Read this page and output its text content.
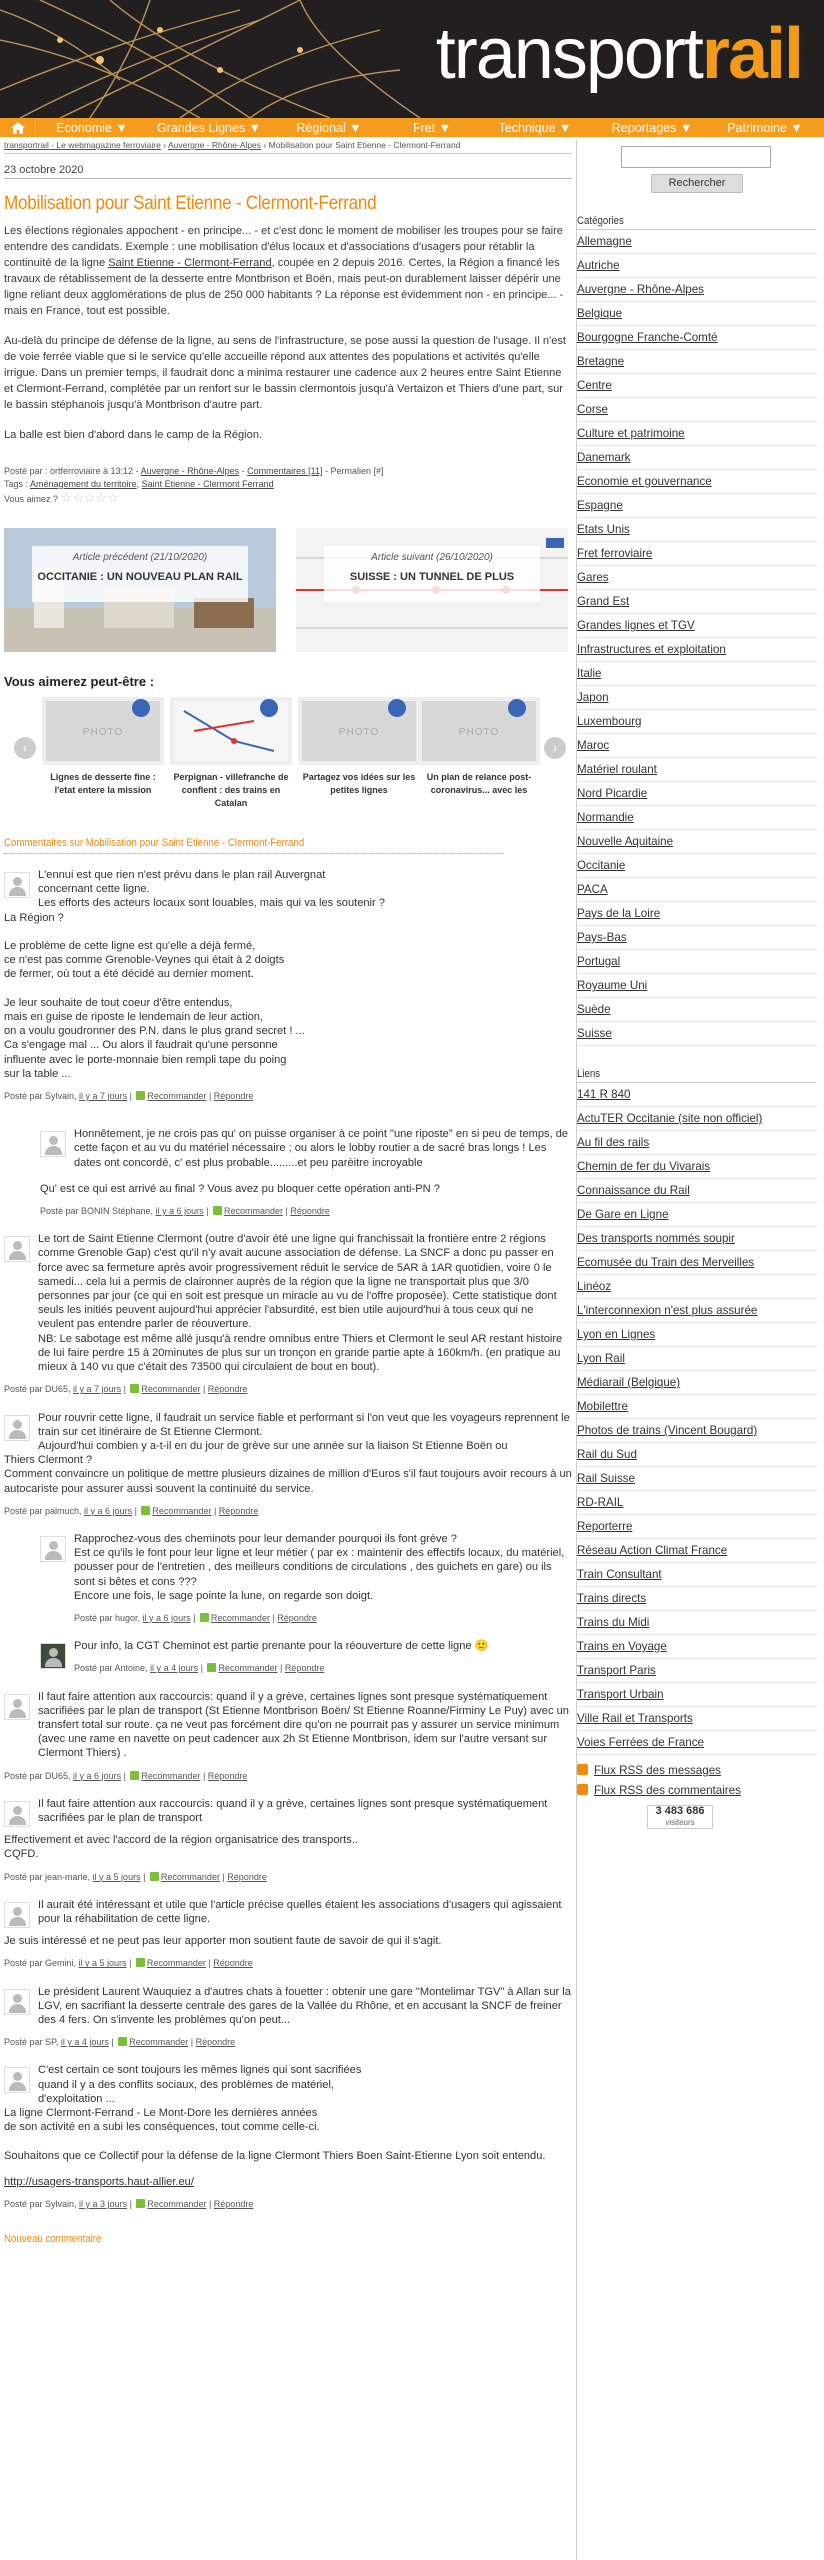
transportrail
Economie ▼	Grandes Lignes ▼	Régional ▼	Fret ▼	Technique ▼	Reportages ▼	Patrimoine ▼
transportrail - Le webmagazine ferroviaire › Auvergne - Rhône-Alpes › Mobilisation pour Saint Etienne - Clermont-Ferrand
23 octobre 2020
Mobilisation pour Saint Etienne - Clermont-Ferrand

Les élections régionales appochent - en principe... - et c'est donc le moment de mobiliser les troupes pour se faire entendre des candidats. Exemple : une mobilisation d'élus locaux et d'associations d'usagers pour rétablir la continuité de la ligne Saint Etienne - Clermont-Ferrand, coupée en 2 depuis 2016. Certes, la Région a financé les travaux de rétablissement de la desserte entre Montbrison et Boën, mais peut-on durablement laisser dépérir une ligne reliant deux agglomérations de plus de 250 000 habitants ? La réponse est évidemment non - en principe... - mais en France, tout est possible.

Au-delà du principe de défense de la ligne, au sens de l'infrastructure, se pose aussi la question de l'usage. Il n'est de voie ferrée viable que si le service qu'elle accueille répond aux attentes des populations et activités qu'elle irrigue. Dans un premier temps, il faudrait donc a minima restaurer une cadence aux 2 heures entre Saint Etienne et Clermont-Ferrand, complétée par un renfort sur le bassin clermontois jusqu'à Vertaizon et Thiers d'une part, sur le bassin stéphanois jusqu'à Montbrison d'autre part.

La balle est bien d'abord dans le camp de la Région.

Posté par : ortferroviaire à 13:12 - Auvergne - Rhône-Alpes - Commentaires [11] - Permalien [#]
Tags : Aménagement du territoire, Saint Etienne - Clermont Ferrand
Vous aimez ? ☆☆☆☆☆
Article précédent (21/10/2020)
OCCITANIE : UN NOUVEAU PLAN RAIL
Article suivant (26/10/2020)
SUISSE : UN TUNNEL DE PLUS
Vous aimerez peut-être :
‹
PHOTO
Lignes de desserte fine : l'etat entere la mission
Perpignan - villefranche de conflent : des trains en Catalan
PHOTO
Partagez vos idées sur les petites lignes
PHOTO
Un plan de relance post-coronavirus... avec les
›
Commentaires sur Mobilisation pour Saint Etienne - Clermont-Ferrand
L'ennui est que rien n'est prévu dans le plan rail Auvergnat
concernant cette ligne.
Les efforts des acteurs locaux sont louables, mais qui va les soutenir ?
La Région ?

Le problème de cette ligne est qu'elle a déjà fermé,
ce n'est pas comme Grenoble-Veynes qui était à 2 doigts
de fermer, où tout a été décidé au dernier moment.

Je leur souhaite de tout coeur d'être entendus,
mais en guise de riposte le lendemain de leur action,
on a voulu goudronner des P.N. dans le plus grand secret ! ...
Ca s'engage mal ... Ou alors il faudrait qu'une personne
influente avec le porte-monnaie bien rempli tape du poing
sur la table ...
Posté par Sylvain, il y a 7 jours | Recommander | Répondre
Honnêtement, je ne crois pas qu' on puisse organiser à ce point "une riposte" en si peu de temps, de cette façon et au vu du matériel nécessaire ; ou alors le lobby routier a de sacré bras longs ! Les dates ont concordé, c' est plus probable.........et peu parèitre incroyable
Qu' est ce qui est arrivé au final ? Vous avez pu bloquer cette opération anti-PN ?
Posté par BONIN Stéphane, il y a 6 jours | Recommander | Répondre
Le tort de Saint Etienne Clermont (outre d'avoir été une ligne qui franchissait la frontière entre 2 régions comme Grenoble Gap) c'est qu'il n'y avait aucune association de défense. La SNCF a donc pu passer en force avec sa fermeture après avoir progressivement réduit le service de 5AR à 1AR quotidien, voire 0 le samedi... cela lui a permis de claironner auprès de la région que la ligne ne transportait plus que 3/0 personnes par jour (ce qui en soit est presque un miracle au vu de l'offre proposée). Cette statistique dont seuls les initiés peuvent aujourd'hui apprécier l'absurdité, est bien utile aujourd'hui à tous ceux qui ne veulent pas entendre parler de réouverture.
NB: Le sabotage est même allé jusqu'à rendre omnibus entre Thiers et Clermont le seul AR restant histoire de lui faire perdre 15 à 20minutes de plus sur un tronçon en grande partie apte à 160km/h. (en pratique au mieux à 140 vu que c'était des 73500 qui circulaient de bout en bout).
Posté par DU65, il y a 7 jours | Recommander | Répondre
Pour rouvrir cette ligne, il faudrait un service fiable et performant si l'on veut que les voyageurs reprennent le train sur cet itinéraire de St Etienne Clermont.
Aujourd'hui combien y a-t-il en du jour de grève sur une année sur la liaison St Etienne Boën ou
Thiers Clermont ?
Comment convaincre un politique de mettre plusieurs dizaines de million d'Euros s'il faut toujours avoir recours à un autocariste pour assurer aussi souvent la continuité du service.
Posté par palmuch, il y a 6 jours | Recommander | Répondre
Rapprochez-vous des cheminots pour leur demander pourquoi ils font grève ?
Est ce qu'ils le font pour leur ligne et leur métier ( par ex : maintenir des effectifs locaux, du matériel, pousser pour de l'entretien , des meilleurs conditions de circulations , des guichets en gare) ou ils sont si bêtes et cons ???
Encore une fois, le sage pointe la lune, on regarde son doigt.
Posté par hugor, il y a 6 jours | Recommander | Répondre
Pour info, la CGT Cheminot est partie prenante pour la réouverture de cette ligne 🙂
Posté par Antoine, il y a 4 jours | Recommander | Répondre
Il faut faire attention aux raccourcis: quand il y a grève, certaines lignes sont presque systématiquement sacrifiées par le plan de transport (St Etienne Montbrison Boën/ St Etienne Roanne/Firminy Le Puy) avec un transfert total sur route. ça ne veut pas forcément dire qu'on ne pourrait pas y assurer un service minimum (avec une rame en navette on peut cadencer aux 2h St Etienne Montbrison, idem sur l'autre versant sur Clermont Thiers) .
Posté par DU65, il y a 6 jours | Recommander | Répondre
Il faut faire attention aux raccourcis: quand il y a grève, certaines lignes sont presque systématiquement sacrifiées par le plan de transport
Effectivement et avec l'accord de la région organisatrice des transports..
CQFD.
Posté par jean-marie, il y a 5 jours | Recommander | Répondre
Il aurait été intéressant et utile que l'article précise quelles étaient les associations d'usagers qui agissaient pour la réhabilitation de cette ligne.
Je suis intéressé et ne peut pas leur apporter mon soutient faute de savoir de qui il s'agit.
Posté par Gemini, il y a 5 jours | Recommander | Répondre
Le président Laurent Wauquiez a d'autres chats à fouetter : obtenir une gare "Montelimar TGV" à Allan sur la LGV, en sacrifiant la desserte centrale des gares de la Vallée du Rhône, et en accusant la SNCF de freiner des 4 fers. On s'invente les problèmes qu'on peut...
Posté par SP, il y a 4 jours | Recommander | Répondre
C'est certain ce sont toujours les mêmes lignes qui sont sacrifiées
quand il y a des conflits sociaux, des problèmes de matériel,
d'exploitation ...
La ligne Clermont-Ferrand - Le Mont-Dore les dernières années
de son activité en a subi les conséquences, tout comme celle-ci.

Souhaitons que ce Collectif pour la défense de la ligne Clermont Thiers Boen Saint-Etienne Lyon soit entendu.
http://usagers-transports.haut-allier.eu/
Posté par Sylvain, il y a 3 jours | Recommander | Répondre
Nouveau commentaire
Rechercher
Catégories
Allemagne
Autriche
Auvergne - Rhône-Alpes
Belgique
Bourgogne Franche-Comté
Bretagne
Centre
Corse
Culture et patrimoine
Danemark
Economie et gouvernance
Espagne
Etats Unis
Fret ferroviaire
Gares
Grand Est
Grandes lignes et TGV
Infrastructures et exploitation
Italie
Japon
Luxembourg
Maroc
Matériel roulant
Nord Picardie
Normandie
Nouvelle Aquitaine
Occitanie
PACA
Pays de la Loire
Pays-Bas
Portugal
Royaume Uni
Suède
Suisse
Liens
141 R 840
ActuTER Occitanie (site non officiel)
Au fil des rails
Chemin de fer du Vivarais
Connaissance du Rail
De Gare en Ligne
Des transports nommés soupir
Ecomusée du Train des Merveilles
Linéoz
L'interconnexion n'est plus assurée
Lyon en Lignes
Lyon Rail
Médiarail (Belgique)
Mobilettre
Photos de trains (Vincent Bougard)
Rail du Sud
Rail Suisse
RD-RAIL
Reporterre
Réseau Action Climat France
Train Consultant
Trains directs
Trains du Midi
Trains en Voyage
Transport Paris
Transport Urbain
Ville Rail et Transports
Voies Ferrées de France
Flux RSS des messages
Flux RSS des commentaires
3 483 686
visiteurs
